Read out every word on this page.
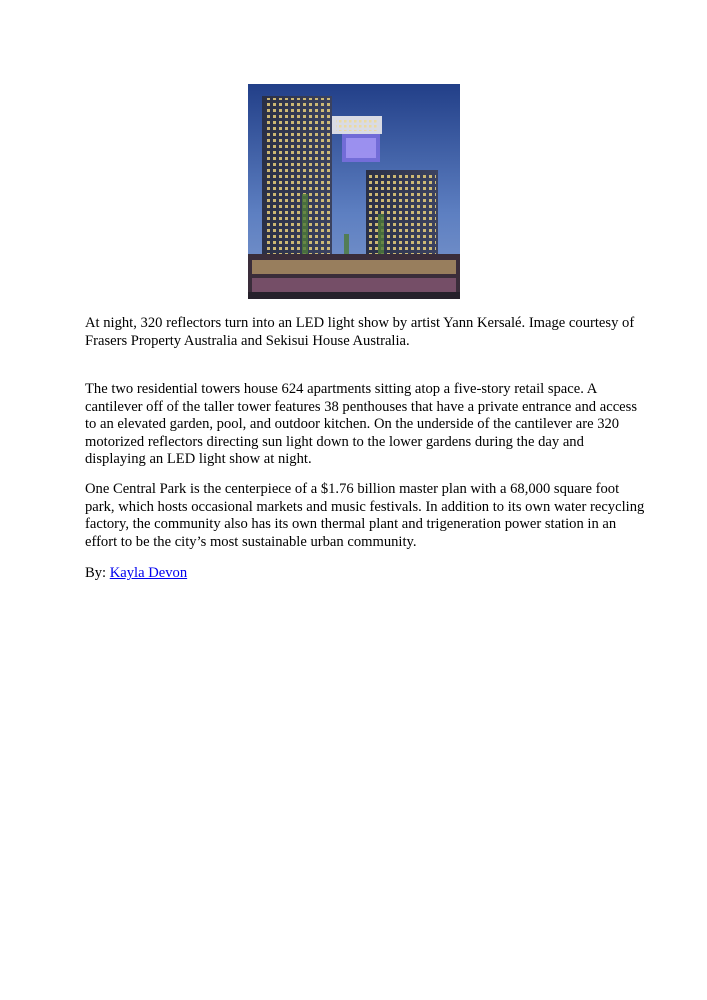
At night, 320 reflectors turn into an LED light show by artist Yann Kersalé. Image courtesy of Frasers Property Australia and Sekisui House Australia.

The two residential towers house 624 apartments sitting atop a five-story retail space. A cantilever off of the taller tower features 38 penthouses that have a private entrance and access to an elevated garden, pool, and outdoor kitchen. On the underside of the cantilever are 320 motorized reflectors directing sun light down to the lower gardens during the day and displaying an LED light show at night.

One Central Park is the centerpiece of a $1.76 billion master plan with a 68,000 square foot park, which hosts occasional markets and music festivals. In addition to its own water recycling factory, the community also has its own thermal plant and trigeneration power station in an effort to be the city’s most sustainable urban community.

By: Kayla Devon
